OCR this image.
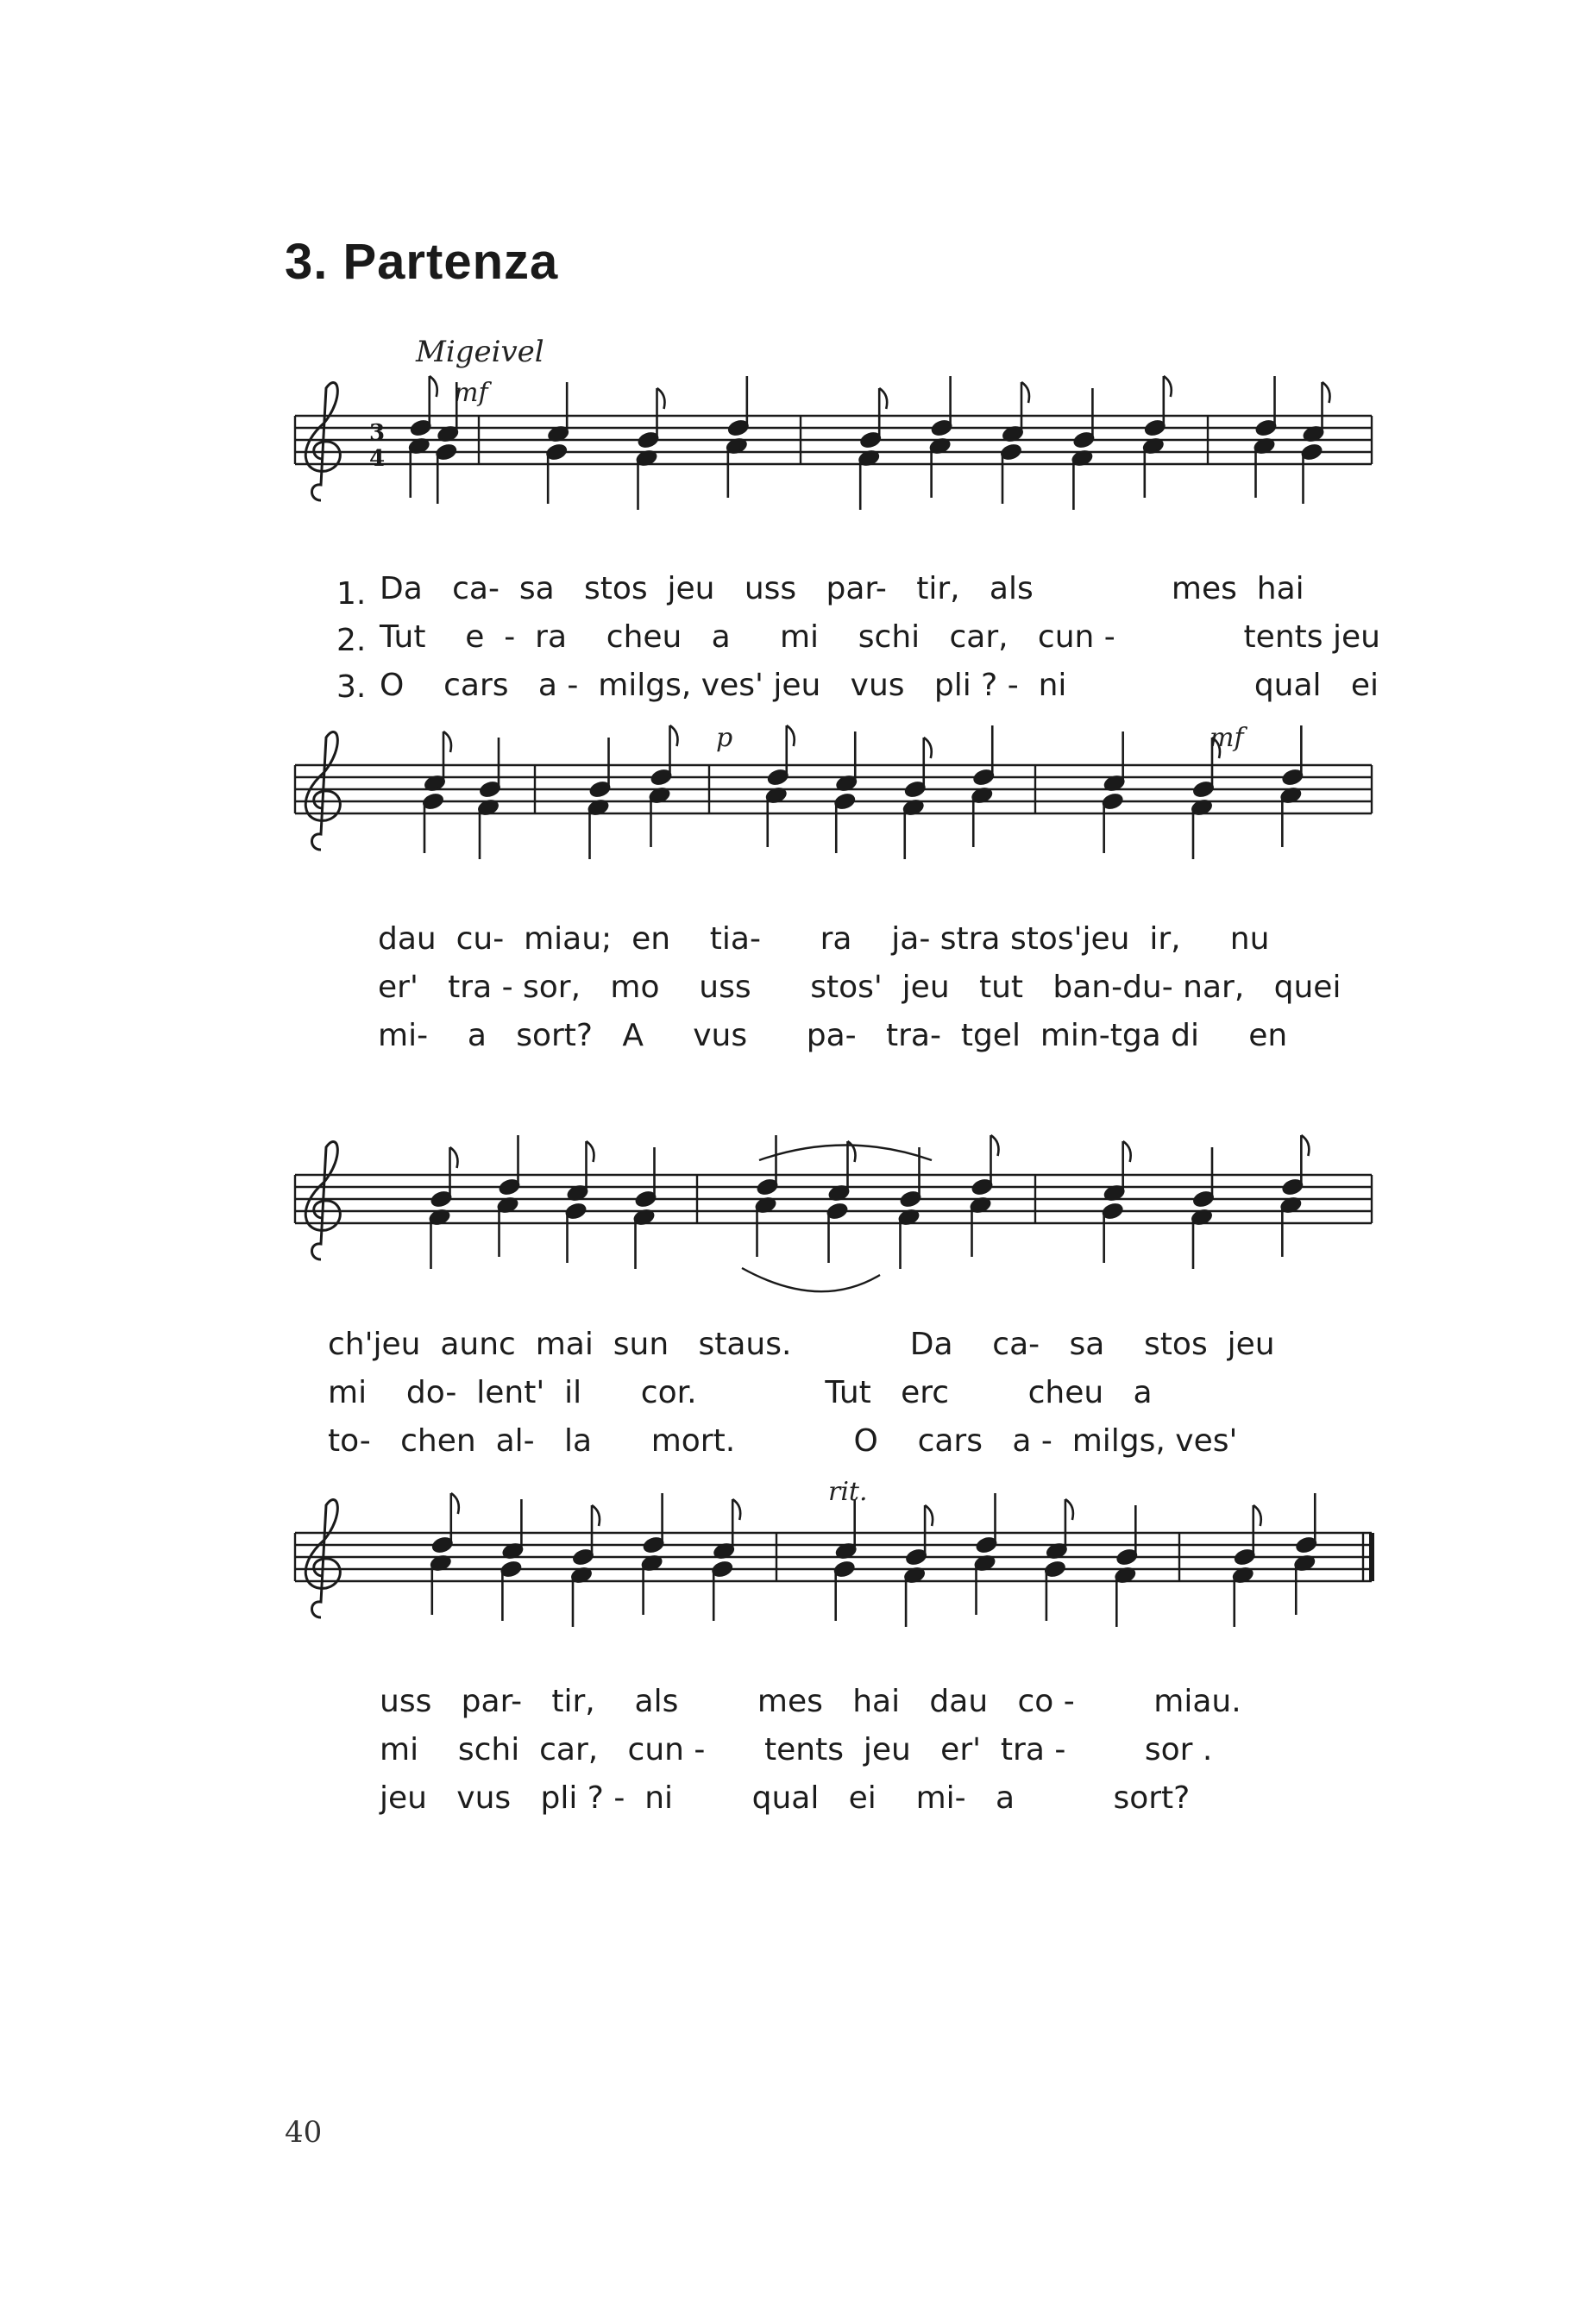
3. Partenza
Migeivel
mf
mf
p
rit.
3
4
1.
2.
3.
Da   ca-  sa   stos  jeu   uss   par-   tir,   als              mes  hai
Tut    e  -  ra    cheu   a     mi    schi   car,   cun -             tents jeu
O    cars   a -  milgs, ves' jeu   vus   pli ? -  ni                   qual   ei
dau  cu-  miau;  en    tia-      ra    ja- stra stos'jeu  ir,     nu
er'   tra - sor,   mo    uss      stos'  jeu   tut   ban-du- nar,   quei
mi-    a   sort?   A     vus      pa-   tra-  tgel  min-tga di     en
ch'jeu  aunc  mai  sun   staus.            Da    ca-   sa    stos  jeu
mi    do-  lent'  il      cor.             Tut   erc        cheu   a
to-   chen  al-   la      mort.            O    cars   a -  milgs, ves'
uss   par-   tir,    als        mes   hai   dau   co -        miau.
mi    schi  car,   cun -      tents  jeu   er'  tra -        sor .
jeu   vus   pli ? -  ni        qual   ei    mi-   a          sort?
40
